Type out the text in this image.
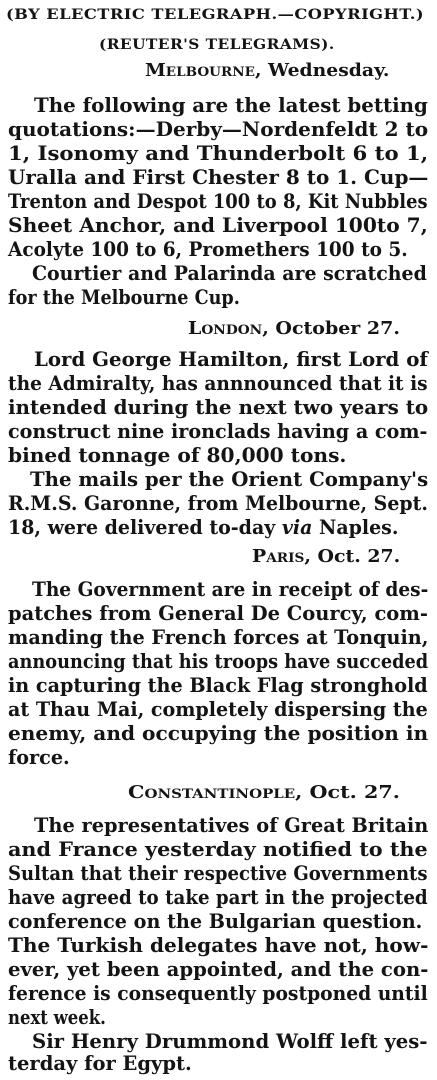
(BY ELECTRIC TELEGRAPH.—COPYRIGHT.)
(REUTER'S TELEGRAMS).
Melbourne, Wednesday.
The following are the latest betting
quotations:—Derby—Nordenfeldt 2 to
1, Isonomy and Thunderbolt 6 to 1,
Uralla and First Chester 8 to 1. Cup—
Trenton and Despot 100 to 8, Kit Nubbles
Sheet Anchor, and Liverpool 100to 7,
Acolyte 100 to 6, Promethers 100 to 5.
Courtier and Palarinda are scratched
for the Melbourne Cup.
London, October 27.
Lord George Hamilton, first Lord of
the Admiralty, has annnounced that it is
intended during the next two years to
construct nine ironclads having a com-
bined tonnage of 80,000 tons.
The mails per the Orient Company's
R.M.S. Garonne, from Melbourne, Sept.
18, were delivered to-day via Naples.
Paris, Oct. 27.
The Government are in receipt of des-
patches from General De Courcy, com-
manding the French forces at Tonquin,
announcing that his troops have succeded
in capturing the Black Flag stronghold
at Thau Mai, completely dispersing the
enemy, and occupying the position in
force.
Constantinople, Oct. 27.
The representatives of Great Britain
and France yesterday notified to the
Sultan that their respective Governments
have agreed to take part in the projected
conference on the Bulgarian question.
The Turkish delegates have not, how-
ever, yet been appointed, and the con-
ference is consequently postponed until
next week.
Sir Henry Drummond Wolff left yes-
terday for Egypt.
